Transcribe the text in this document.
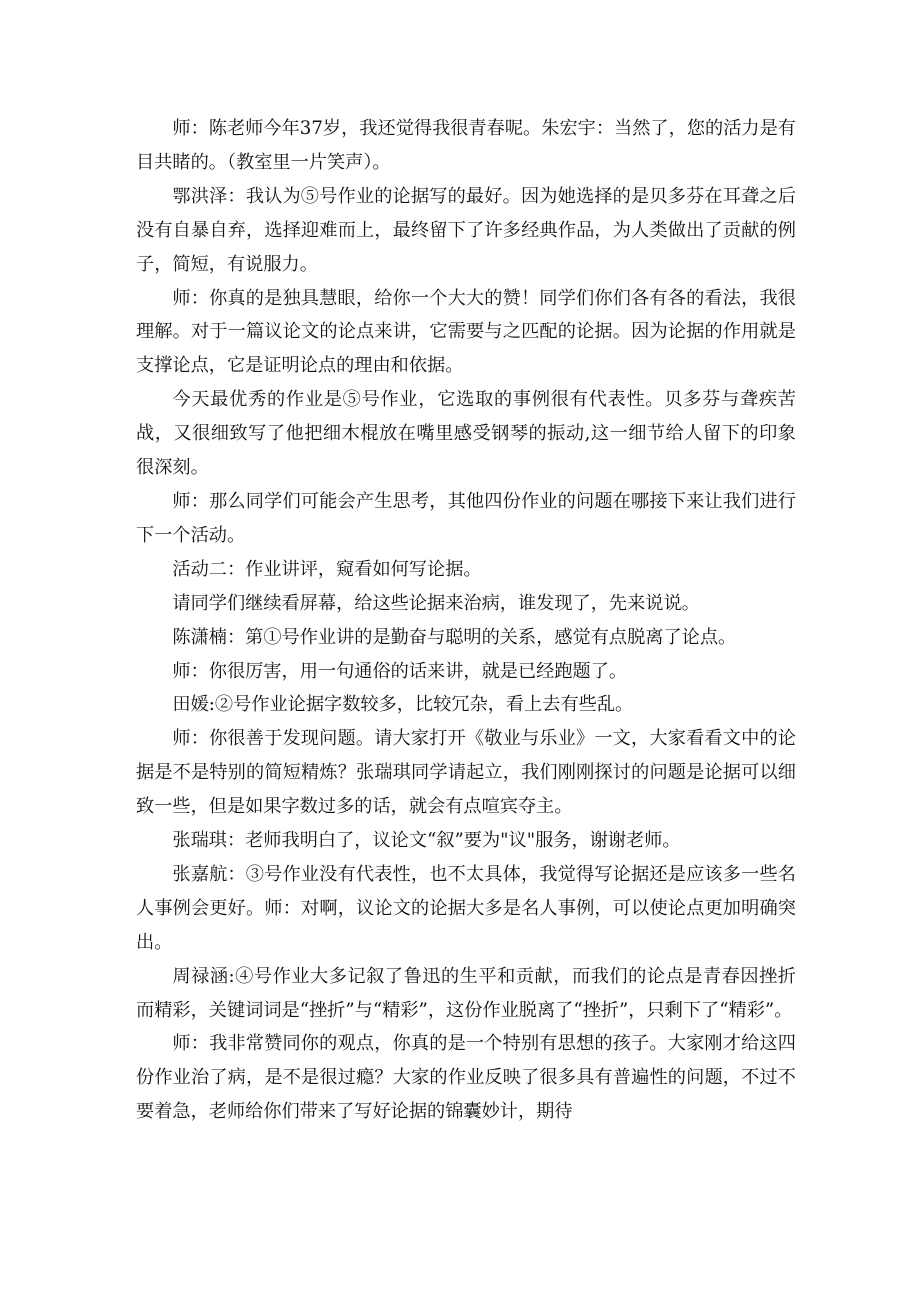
师：陈老师今年37岁，我还觉得我很青春呢。朱宏宇：当然了，您的活力是有目共睹的。（教室里一片笑声）。

鄂洪泽：我认为⑤号作业的论据写的最好。因为她选择的是贝多芬在耳聋之后没有自暴自弃，选择迎难而上，最终留下了许多经典作品，为人类做出了贡献的例子，简短，有说服力。

师：你真的是独具慧眼，给你一个大大的赞！同学们你们各有各的看法，我很理解。对于一篇议论文的论点来讲，它需要与之匹配的论据。因为论据的作用就是支撑论点，它是证明论点的理由和依据。

今天最优秀的作业是⑤号作业，它选取的事例很有代表性。贝多芬与聋疾苦战，又很细致写了他把细木棍放在嘴里感受钢琴的振动,这一细节给人留下的印象很深刻。

师：那么同学们可能会产生思考，其他四份作业的问题在哪接下来让我们进行下一个活动。

活动二：作业讲评，窥看如何写论据。

请同学们继续看屏幕，给这些论据来治病，谁发现了，先来说说。

陈潇楠：第①号作业讲的是勤奋与聪明的关系，感觉有点脱离了论点。

师：你很厉害，用一句通俗的话来讲，就是已经跑题了。

田媛:②号作业论据字数较多，比较冗杂，看上去有些乱。

师：你很善于发现问题。请大家打开《敬业与乐业》一文，大家看看文中的论据是不是特别的简短精炼？张瑞琪同学请起立，我们刚刚探讨的问题是论据可以细致一些，但是如果字数过多的话，就会有点喧宾夺主。

张瑞琪：老师我明白了，议论文“叙”要为"议"服务，谢谢老师。

张嘉航：③号作业没有代表性，也不太具体，我觉得写论据还是应该多一些名人事例会更好。师：对啊，议论文的论据大多是名人事例，可以使论点更加明确突出。

周禄涵:④号作业大多记叙了鲁迅的生平和贡献，而我们的论点是青春因挫折而精彩，关键词词是“挫折”与“精彩”，这份作业脱离了“挫折”，只剩下了“精彩”。

师：我非常赞同你的观点，你真的是一个特别有思想的孩子。大家刚才给这四份作业治了病，是不是很过瘾？大家的作业反映了很多具有普遍性的问题，不过不要着急，老师给你们带来了写好论据的锦囊妙计，期待
